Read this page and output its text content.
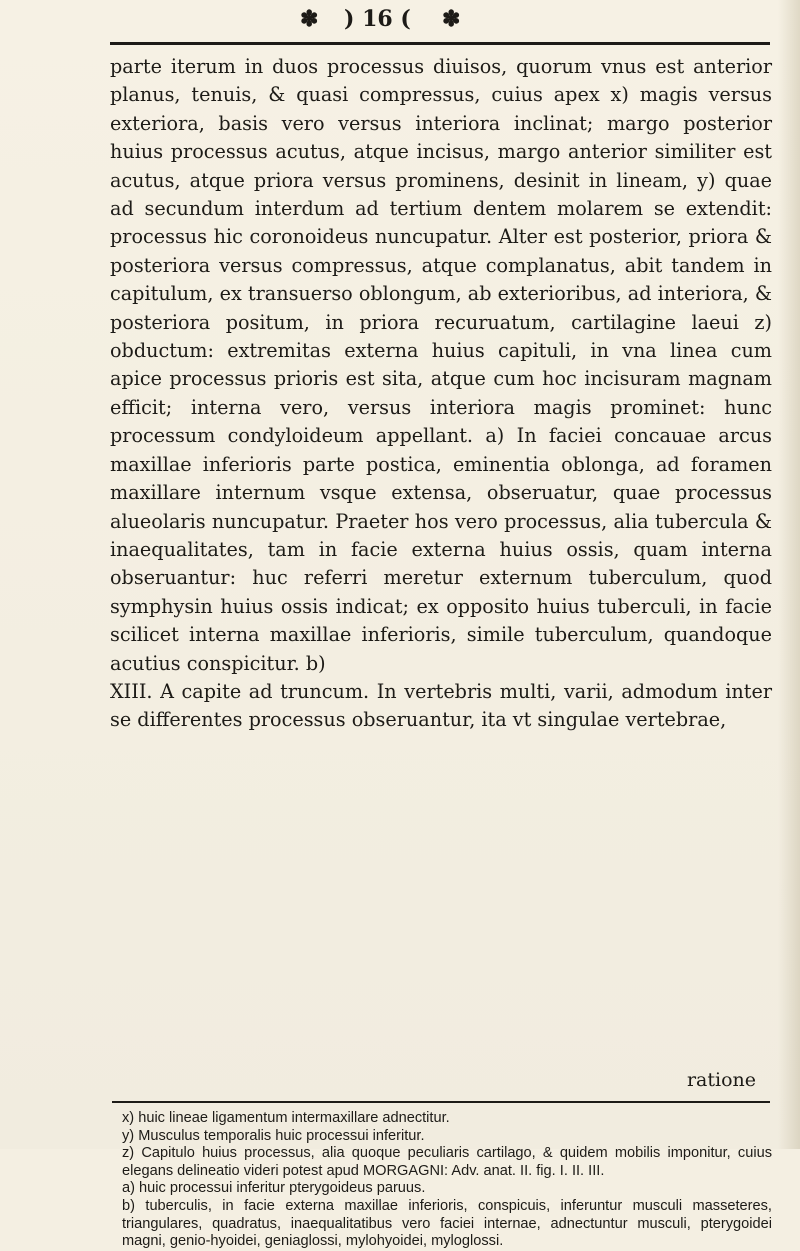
✽ ) 16 ( ✽

parte iterum in duos processus diuisos, quorum vnus est anterior planus, tenuis, & quasi compressus, cuius apex x) magis versus exteriora, basis vero versus interiora inclinat; margo posterior huius processus acutus, atque incisus, margo anterior similiter est acutus, atque priora versus prominens, desinit in lineam, y) quae ad secundum interdum ad tertium dentem molarem se extendit: processus hic coronoideus nuncupatur. Alter est posterior, priora & posteriora versus compressus, atque complanatus, abit tandem in capitulum, ex transuerso oblongum, ab exterioribus, ad interiora, & posteriora positum, in priora recuruatum, cartilagine laeui z) obductum: extremitas externa huius capituli, in vna linea cum apice processus prioris est sita, atque cum hoc incisuram magnam efficit; interna vero, versus interiora magis prominet: hunc processum condyloideum appellant. a) In faciei concauae arcus maxillae inferioris parte postica, eminentia oblonga, ad foramen maxillare internum vsque extensa, obseruatur, quae processus alueolaris nuncupatur. Praeter hos vero processus, alia tubercula & inaequalitates, tam in facie externa huius ossis, quam interna obseruantur: huc referri meretur externum tuberculum, quod symphysin huius ossis indicat; ex opposito huius tuberculi, in facie scilicet interna maxillae inferioris, simile tuberculum, quandoque acutius conspicitur. b)

XIII. A capite ad truncum. In vertebris multi, varii, admodum inter se differentes processus obseruantur, ita vt singulae vertebrae,

ratione

x) huic lineae ligamentum intermaxillare adnectitur.

y) Musculus temporalis huic processui inferitur.

z) Capitulo huius processus, alia quoque peculiaris cartilago, & quidem mobilis imponitur, cuius elegans delineatio videri potest apud MORGAGNI: Adv. anat. II. fig. I. II. III.

a) huic processui inferitur pterygoideus paruus.

b) tuberculis, in facie externa maxillae inferioris, conspicuis, inferuntur musculi masseteres, triangulares, quadratus, inaequalitatibus vero faciei internae, adnectuntur musculi, pterygoidei magni, genio-hyoidei, geniaglossi, mylohyoidei, myloglossi.
